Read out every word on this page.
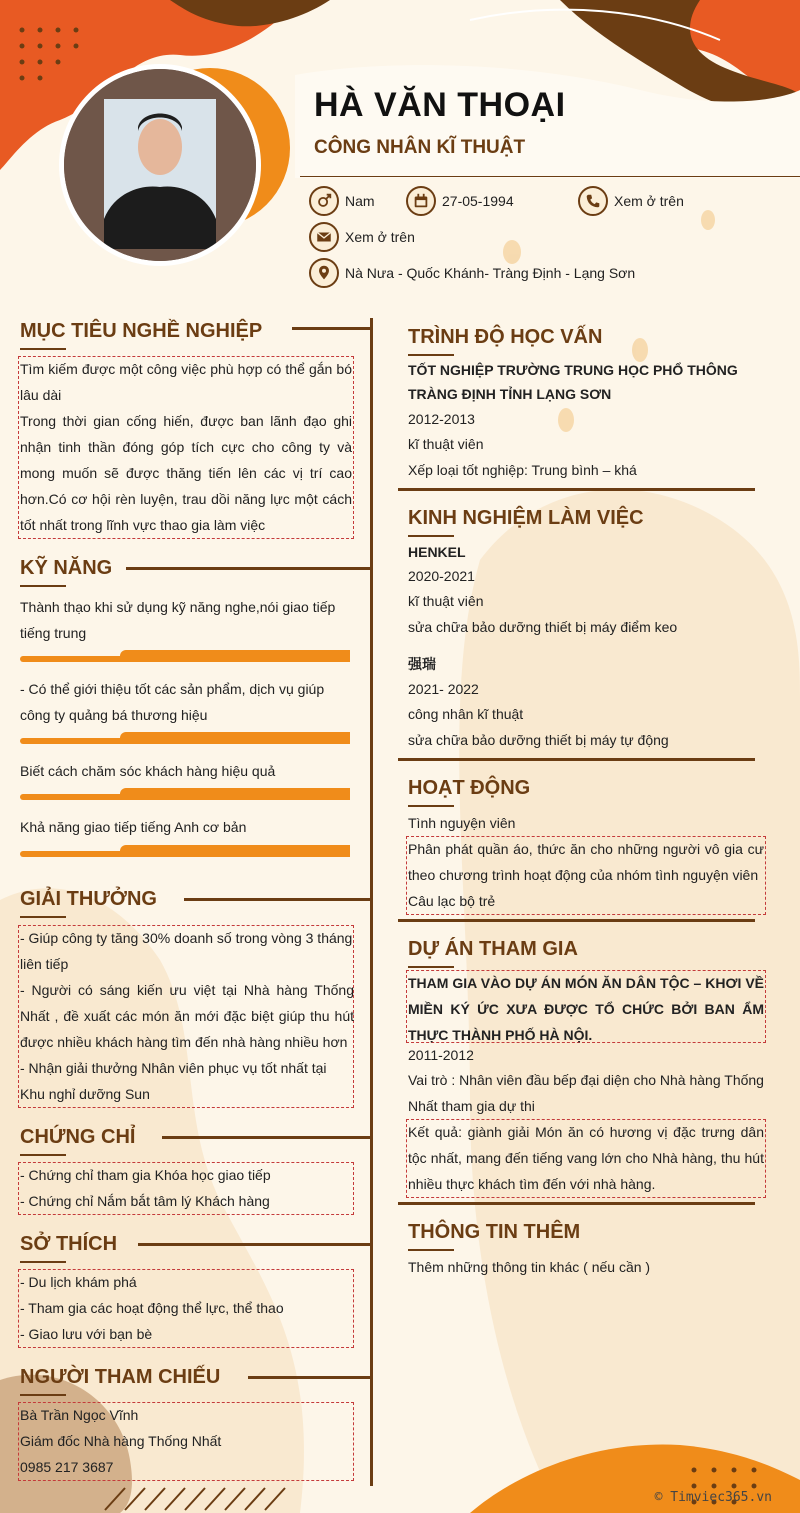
HÀ VĂN THOẠI
CÔNG NHÂN KĨ THUẬT
Nam	27-05-1994	Xem ở trên
Xem ở trên
Nà Nưa - Quốc Khánh- Tràng Định - Lạng Sơn
MỤC TIÊU NGHỀ NGHIỆP
Tìm kiếm được một công việc phù hợp có thể gắn bó lâu dài
Trong thời gian cống hiến, được ban lãnh đạo ghi nhận tinh thần đóng góp tích cực cho công ty và mong muốn sẽ được thăng tiến lên các vị trí cao hơn.Có cơ hội rèn luyện, trau dồi năng lực một cách tốt nhất trong lĩnh vực thao gia làm việc
KỸ NĂNG
Thành thạo khi sử dụng kỹ năng nghe,nói giao tiếp tiếng trung
- Có thể giới thiệu tốt các sản phẩm, dịch vụ giúp công ty quảng bá thương hiệu
Biết cách chăm sóc khách hàng hiệu quả
Khả năng giao tiếp tiếng Anh cơ bản
GIẢI THƯỞNG
- Giúp công ty tăng 30% doanh số trong vòng 3 tháng liên tiếp
- Người có sáng kiến ưu việt tại Nhà hàng Thống Nhất , đề xuất các món ăn mới đặc biệt giúp thu hút được nhiều khách hàng tìm đến nhà hàng nhiều hơn
- Nhận giải thưởng Nhân viên phục vụ tốt nhất tại Khu nghỉ dưỡng Sun
CHỨNG CHỈ
- Chứng chỉ tham gia Khóa học giao tiếp
- Chứng chỉ Nắm bắt tâm lý Khách hàng
SỞ THÍCH
- Du lịch khám phá
- Tham gia các hoạt động thể lực, thể thao
- Giao lưu với bạn bè
NGƯỜI THAM CHIẾU
Bà Trần Ngọc Vĩnh
Giám đốc Nhà hàng Thống Nhất
0985 217 3687
TRÌNH ĐỘ HỌC VẤN
TỐT NGHIỆP TRƯỜNG TRUNG HỌC PHỔ THÔNG TRÀNG ĐỊNH TỈNH LẠNG SƠN
2012-2013
kĩ thuật viên
Xếp loại tốt nghiệp: Trung bình – khá
KINH NGHIỆM LÀM VIỆC
HENKEL
2020-2021
kĩ thuật viên
sửa chữa bảo dưỡng thiết bị máy điểm keo
强瑞
2021- 2022
công nhân kĩ thuật
sửa chữa bảo dưỡng thiết bị máy tự động
HOẠT ĐỘNG
Tình nguyện viên
Phân phát quần áo, thức ăn cho những người vô gia cư theo chương trình hoạt động của nhóm tình nguyện viên
Câu lạc bộ trẻ
DỰ ÁN THAM GIA
THAM GIA VÀO DỰ ÁN MÓN ĂN DÂN TỘC – KHƠI VỀ MIỀN KÝ ỨC XƯA ĐƯỢC TỔ CHỨC BỞI BAN ẨM THỰC THÀNH PHỐ HÀ NỘI.
2011-2012
Vai trò : Nhân viên đầu bếp đại diện cho Nhà hàng Thống Nhất tham gia dự thi
Kết quả: giành giải Món ăn có hương vị đặc trưng dân tộc nhất, mang đến tiếng vang lớn cho Nhà hàng, thu hút nhiều thực khách tìm đến với nhà hàng.
THÔNG TIN THÊM
Thêm những thông tin khác ( nếu cần )
© Timviec365.vn
